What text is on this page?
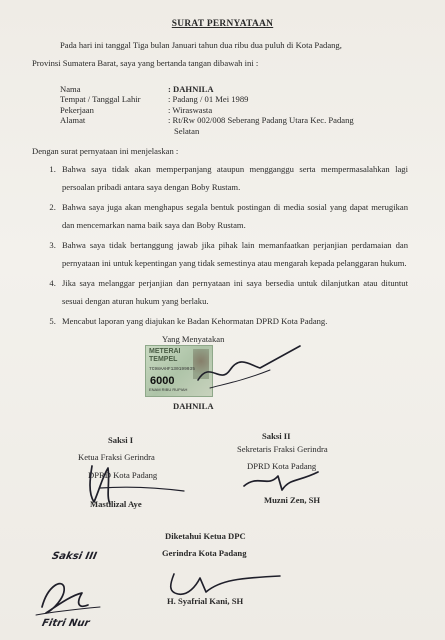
SURAT PERNYATAAN
Pada hari ini tanggal Tiga bulan Januari tahun dua ribu dua puluh di Kota Padang,
Provinsi Sumatera Barat, saya yang bertanda tangan dibawah ini :
Nama	: DAHNILA
Tempat / Tanggal Lahir	: Padang / 01 Mei 1989
Pekerjaan	: Wiraswasta
Alamat	: Rt/Rw 002/008 Seberang Padang Utara Kec. Padang
Selatan
Dengan surat pernyataan ini menjelaskan :
1. Bahwa saya tidak akan memperpanjang ataupun mengganggu serta mempermasalahkan lagi persoalan pribadi antara saya dengan Boby Rustam.
2. Bahwa saya juga akan menghapus segala bentuk postingan di media sosial yang dapat merugikan dan mencemarkan nama baik saya dan Boby Rustam.
3. Bahwa saya tidak bertanggung jawab jika pihak lain memanfaatkan perjanjian perdamaian dan pernyataan ini untuk kepentingan yang tidak semestinya atau mengarah kepada pelanggaran hukum.
4. Jika saya melanggar perjanjian dan pernyataan ini saya bersedia untuk dilanjutkan atau dituntut sesuai dengan aturan hukum yang berlaku.
5. Mencabut laporan yang diajukan ke Badan Kehormatan DPRD Kota Padang.
Yang Menyatakan
METERAI
TEMPEL
7C98AAHF130199035
6000
ENAM RIBU RUPIAH
DAHNILA
Saksi I
Ketua Fraksi Gerindra
DPRD Kota Padang
Mastilizal Aye
Saksi II
Sekretaris Fraksi Gerindra
DPRD Kota Padang
Muzni Zen, SH
Diketahui Ketua DPC
Gerindra Kota Padang
H. Syafrial Kani, SH
Saksi III
Fitri Nur
